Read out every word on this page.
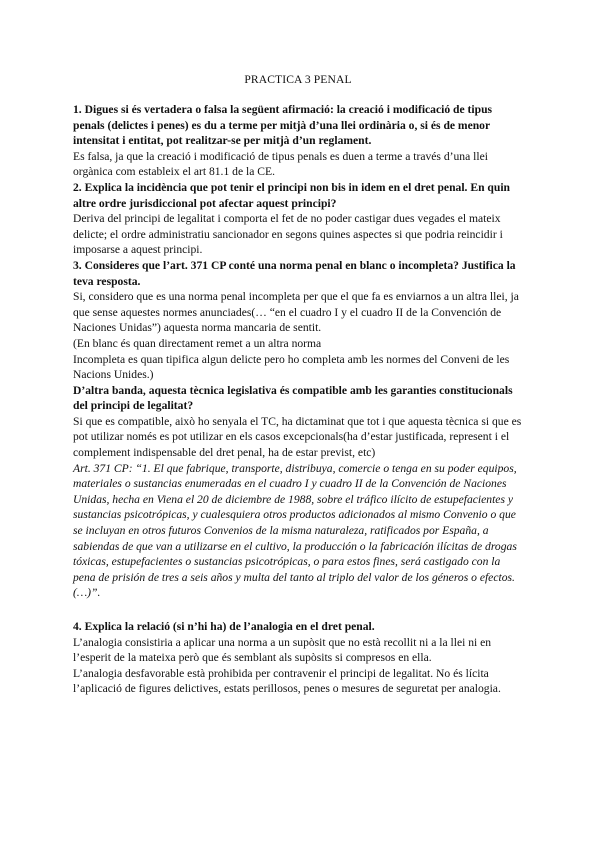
PRACTICA 3 PENAL
1. Digues si és vertadera o falsa la següent afirmació: la creació i modificació de tipus penals (delictes i penes) es du a terme per mitjà d’una llei ordinària o, si és de menor intensitat i entitat, pot realitzar-se per mitjà d’un reglament.
Es falsa, ja que la creació i modificació de tipus penals es duen a terme a través d’una llei orgànica com estableix el art 81.1 de la CE.
2. Explica la incidència que pot tenir el principi non bis in idem en el dret penal. En quin altre ordre jurisdiccional pot afectar aquest principi?
Deriva del principi de legalitat i comporta el fet de no poder castigar dues vegades el mateix delicte; el ordre administratiu sancionador en segons quines aspectes si que podria reincidir i imposarse a aquest principi.
3. Consideres que l’art. 371 CP conté una norma penal en blanc o incompleta? Justifica la teva resposta.
Si, considero que es una norma penal incompleta per que el que fa es enviarnos a un altra llei, ja que sense aquestes normes anunciades(… “en el cuadro I y el cuadro II de la Convención de Naciones Unidas”) aquesta norma mancaria de sentit.
(En blanc és quan directament remet a un altra norma
Incompleta es quan tipifica algun delicte pero ho completa amb les normes del Conveni de les Nacions Unides.)
D’altra banda, aquesta tècnica legislativa és compatible amb les garanties constitucionals del principi de legalitat?
Si que es compatible, això ho senyala el TC, ha dictaminat que tot i que aquesta tècnica si que es pot utilizar només es pot utilizar en els casos excepcionals(ha d’estar justificada, represent i el complement indispensable del dret penal, ha de estar previst, etc)
Art. 371 CP: “1. El que fabrique, transporte, distribuya, comercie o tenga en su poder equipos, materiales o sustancias enumeradas en el cuadro I y cuadro II de la Convención de Naciones Unidas, hecha en Viena el 20 de diciembre de 1988, sobre el tráfico ilícito de estupefacientes y sustancias psicotrópicas, y cualesquiera otros productos adicionados al mismo Convenio o que se incluyan en otros futuros Convenios de la misma naturaleza, ratificados por España, a sabiendas de que van a utilizarse en el cultivo, la producción o la fabricación ilícitas de drogas tóxicas, estupefacientes o sustancias psicotrópicas, o para estos fines, será castigado con la pena de prisión de tres a seis años y multa del tanto al triplo del valor de los géneros o efectos. (…)”.
4. Explica la relació (si n’hi ha) de l’analogia en el dret penal.
L’analogia consistiria a aplicar una norma a un supòsit que no està recollit ni a la llei ni en l’esperit de la mateixa però que és semblant als supòsits si compresos en ella.
L’analogia desfavorable està prohibida per contravenir el principi de legalitat. No és lícita l’aplicació de figures delictives, estats perillosos, penes o mesures de seguretat per analogia.
